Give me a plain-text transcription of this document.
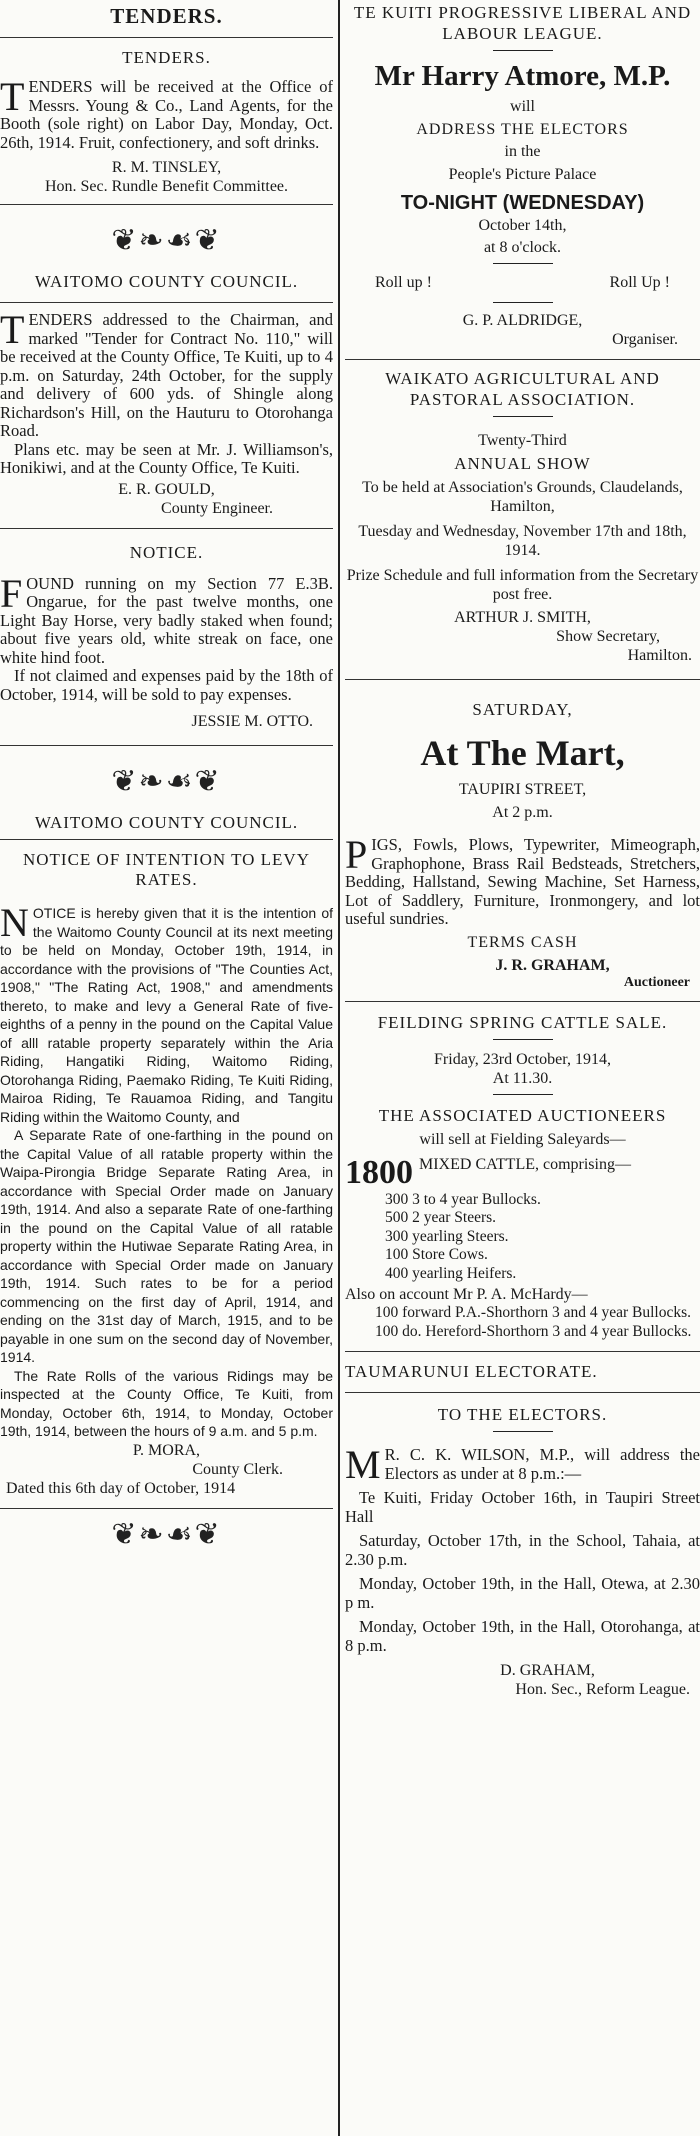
TENDERS.
TENDERS.

TENDERS will be received at the Office of Messrs. Young & Co., Land Agents, for the Booth (sole right) on Labor Day, Monday, Oct. 26th, 1914. Fruit, confectionery, and soft drinks.

R. M. TINSLEY,
Hon. Sec. Rundle Benefit Committee.
❦❧☙❦
WAITOMO COUNTY COUNCIL.

TENDERS addressed to the Chairman, and marked "Tender for Contract No. 110," will be received at the County Office, Te Kuiti, up to 4 p.m. on Saturday, 24th October, for the supply and delivery of 600 yds. of Shingle along Richardson's Hill, on the Hauturu to Otorohanga Road.

Plans etc. may be seen at Mr. J. Williamson's, Honikiwi, and at the County Office, Te Kuiti.

E. R. GOULD,
County Engineer.
NOTICE.

FOUND running on my Section 77 E.3B. Ongarue, for the past twelve months, one Light Bay Horse, very badly staked when found; about five years old, white streak on face, one white hind foot.

If not claimed and expenses paid by the 18th of October, 1914, will be sold to pay expenses.

JESSIE M. OTTO.
❦❧☙❦
WAITOMO COUNTY COUNCIL.
NOTICE OF INTENTION TO LEVY RATES.

NOTICE is hereby given that it is the intention of the Waitomo County Council at its next meeting to be held on Monday, October 19th, 1914, in accordance with the provisions of "The Counties Act, 1908," "The Rating Act, 1908," and amendments thereto, to make and levy a General Rate of five-eighths of a penny in the pound on the Capital Value of alll ratable property separately within the Aria Riding, Hangatiki Riding, Waitomo Riding, Otorohanga Riding, Paemako Riding, Te Kuiti Riding, Mairoa Riding, Te Rauamoa Riding, and Tangitu Riding within the Waitomo County, and

A Separate Rate of one-farthing in the pound on the Capital Value of all ratable property within the Waipa-Pirongia Bridge Separate Rating Area, in accordance with Special Order made on January 19th, 1914. And also a separate Rate of one-farthing in the pound on the Capital Value of all ratable property within the Hutiwae Separate Rating Area, in accordance with Special Order made on January 19th, 1914. Such rates to be for a period commencing on the first day of April, 1914, and ending on the 31st day of March, 1915, and to be payable in one sum on the second day of November, 1914.

The Rate Rolls of the various Ridings may be inspected at the County Office, Te Kuiti, from Monday, October 6th, 1914, to Monday, October 19th, 1914, between the hours of 9 a.m. and 5 p.m.

P. MORA,
County Clerk.
Dated this 6th day of October, 1914
❦❧☙❦
TE KUITI PROGRESSIVE LIBERAL AND LABOUR LEAGUE.
Mr Harry Atmore, M.P.
will
ADDRESS THE ELECTORS
in the
People's Picture Palace
TO-NIGHT (WEDNESDAY)
October 14th,
at 8 o'clock.
Roll up !	Roll Up !
G. P. ALDRIDGE,
Organiser.
WAIKATO AGRICULTURAL AND PASTORAL ASSOCIATION.
Twenty-Third
ANNUAL SHOW
To be held at Association's Grounds, Claudelands, Hamilton,
Tuesday and Wednesday, November 17th and 18th, 1914.
Prize Schedule and full information from the Secretary post free.
ARTHUR J. SMITH,
Show Secretary,
Hamilton.
SATURDAY,
At The Mart,
TAUPIRI STREET,
At 2 p.m.

PIGS, Fowls, Plows, Typewriter, Mimeograph, Graphophone, Brass Rail Bedsteads, Stretchers, Bedding, Hallstand, Sewing Machine, Set Harness, Lot of Saddlery, Furniture, Ironmongery, and lot useful sundries.

TERMS CASH
J. R. GRAHAM,
Auctioneer
FEILDING SPRING CATTLE SALE.
Friday, 23rd October, 1914,
At 11.30.
THE ASSOCIATED AUCTIONEERS
will sell at Fielding Saleyards—
1800 MIXED CATTLE, comprising—
300 3 to 4 year Bullocks.
500 2 year Steers.
300 yearling Steers.
100 Store Cows.
400 yearling Heifers.
Also on account Mr P. A. McHardy—
100 forward P.A.-Shorthorn 3 and 4 year Bullocks.
100 do. Hereford-Shorthorn 3 and 4 year Bullocks.
TAUMARUNUI ELECTORATE.
TO THE ELECTORS.

M R. C. K. WILSON, M.P., will address the Electors as under at 8 p.m.:—

Te Kuiti, Friday October 16th, in Taupiri Street Hall

Saturday, October 17th, in the School, Tahaia, at 2.30 p.m.

Monday, October 19th, in the Hall, Otewa, at 2.30 p m.

Monday, October 19th, in the Hall, Otorohanga, at 8 p.m.

D. GRAHAM,
Hon. Sec., Reform League.
